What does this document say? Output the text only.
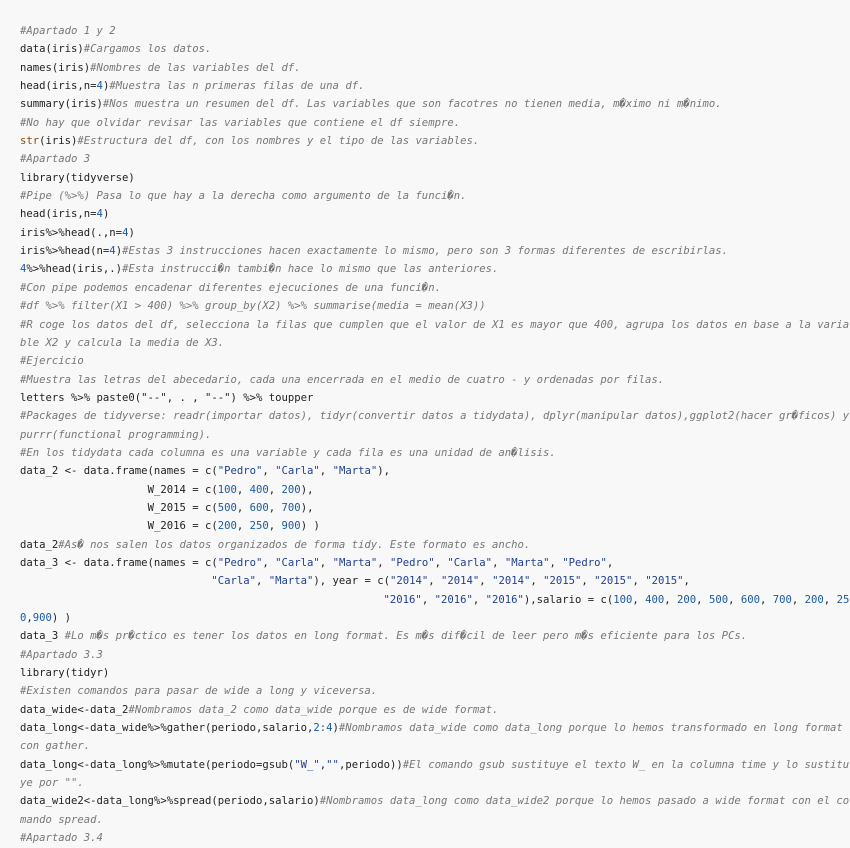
#Apartado 1 y 2
data(iris)#Cargamos los datos.
names(iris)#Nombres de las variables del df.
head(iris,n=4)#Muestra las n primeras filas de una df.
summary(iris)#Nos muestra un resumen del df. Las variables que son facotres no tienen media, m�ximo ni m�nimo.
#No hay que olvidar revisar las variables que contiene el df siempre.
str(iris)#Estructura del df, con los nombres y el tipo de las variables.
#Apartado 3
library(tidyverse)
#Pipe (%>%) Pasa lo que hay a la derecha como argumento de la funci�n.
head(iris,n=4)
iris%>%head(.,n=4)
iris%>%head(n=4)#Estas 3 instrucciones hacen exactamente lo mismo, pero son 3 formas diferentes de escribirlas.
4%>%head(iris,.)#Esta instrucci�n tambi�n hace lo mismo que las anteriores.
#Con pipe podemos encadenar diferentes ejecuciones de una funci�n.
#df %>% filter(X1 > 400) %>% group_by(X2) %>% summarise(media = mean(X3))
#R coge los datos del df, selecciona la filas que cumplen que el valor de X1 es mayor que 400, agrupa los datos en base a la variable X2 y calcula la media de X3.
#Ejercicio
#Muestra las letras del abecedario, cada una encerrada en el medio de cuatro - y ordenadas por filas.
letters %>% paste0("--", . , "--") %>% toupper
#Packages de tidyverse: readr(importar datos), tidyr(convertir datos a tidydata), dplyr(manipular datos),ggplot2(hacer gr�ficos) y purrr(functional programming).
#En los tidydata cada columna es una variable y cada fila es una unidad de an�lisis.
data_2 <- data.frame(names = c("Pedro", "Carla", "Marta"),
W_2014 = c(100, 400, 200),
W_2015 = c(500, 600, 700),
W_2016 = c(200, 250, 900) )
data_2#As� nos salen los datos organizados de forma tidy. Este formato es ancho.
data_3 <- data.frame(names = c("Pedro", "Carla", "Marta", "Pedro", "Carla", "Marta", "Pedro",
"Carla", "Marta"), year = c("2014", "2014", "2014", "2015", "2015", "2015",
"2016", "2016", "2016"),salario = c(100, 400, 200, 500, 600, 700, 200, 250,900) )
data_3 #Lo m�s pr�ctico es tener los datos en long format. Es m�s dif�cil de leer pero m�s eficiente para los PCs.
#Apartado 3.3
library(tidyr)
#Existen comandos para pasar de wide a long y viceversa.
data_wide<-data_2#Nombramos data_2 como data_wide porque es de wide format.
data_long<-data_wide%>%gather(periodo,salario,2:4)#Nombramos data_wide como data_long porque lo hemos transformado en long format con gather.
data_long<-data_long%>%mutate(periodo=gsub("W_","",periodo))#El comando gsub sustituye el texto W_ en la columna time y lo sustituye por "".
data_wide2<-data_long%>%spread(periodo,salario)#Nombramos data_long como data_wide2 porque lo hemos pasado a wide format con el comando spread.
#Apartado 3.4
